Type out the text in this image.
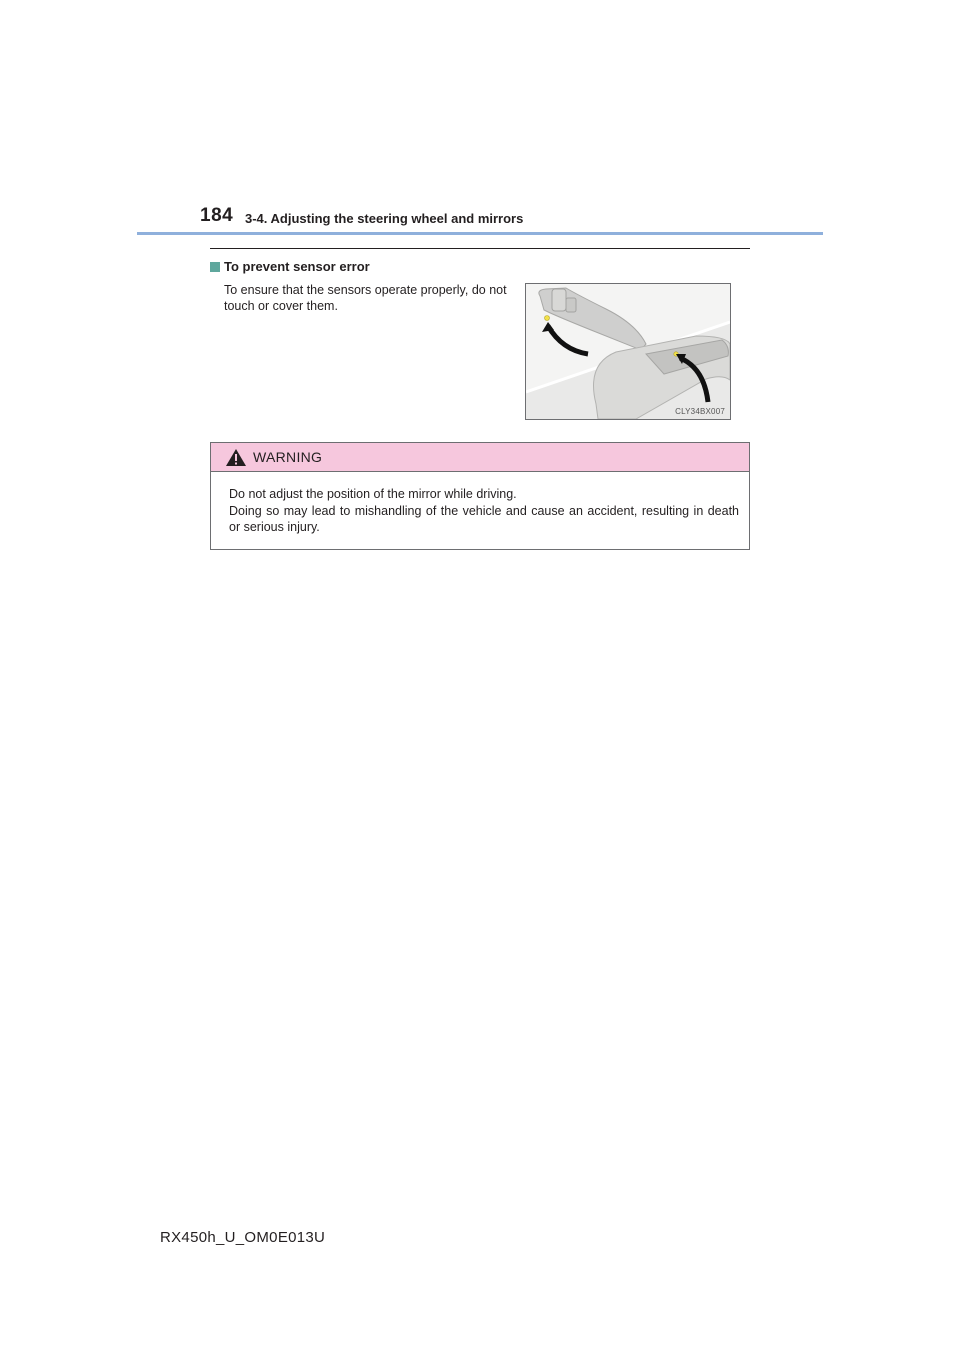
184 3-4. Adjusting the steering wheel and mirrors
To prevent sensor error
To ensure that the sensors operate properly, do not touch or cover them.
CLY34BX007
WARNING

Do not adjust the position of the mirror while driving.

Doing so may lead to mishandling of the vehicle and cause an accident, resulting in death or serious injury.

RX450h_U_OM0E013U
